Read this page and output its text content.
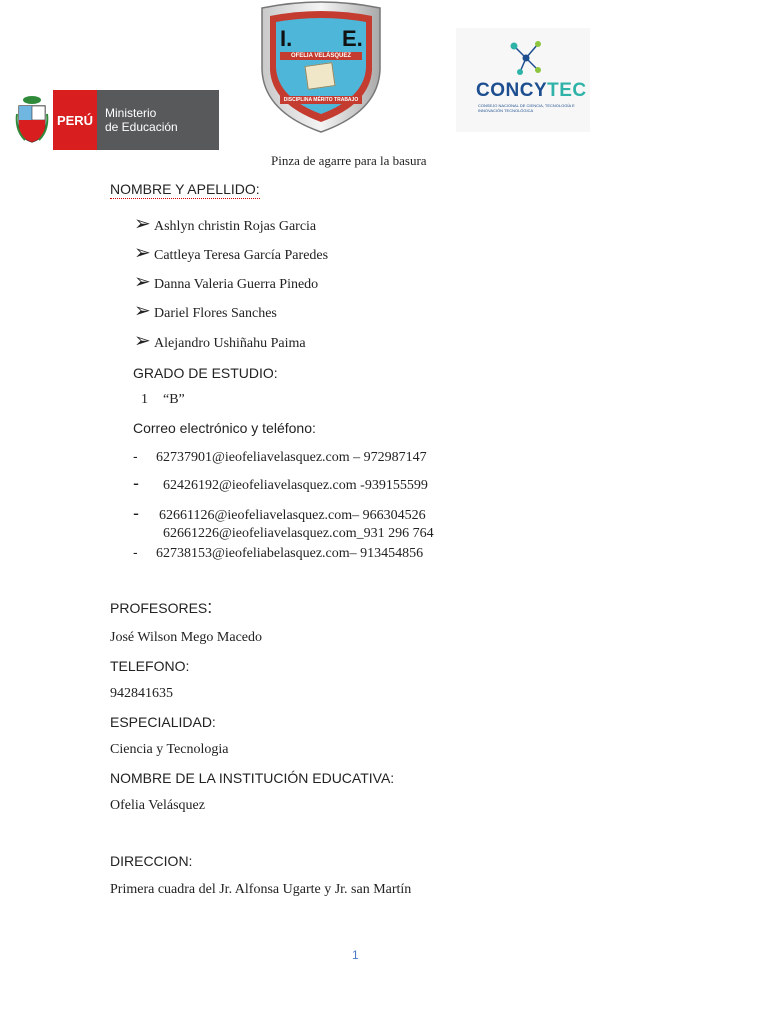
PERÚ Ministerio
de Educación
I. E.
OFELIA VELÁSQUEZ
DISCIPLINA MÉRITO TRABAJO	CONCYTEC
CONSEJO NACIONAL DE CIENCIA, TECNOLOGÍA E INNOVACIÓN TECNOLÓGICA
Pinza de agarre para la basura
NOMBRE Y APELLIDO:
➢ Ashlyn christin Rojas Garcia
➢ Cattleya Teresa García Paredes
➢ Danna Valeria Guerra Pinedo
➢ Dariel Flores Sanches
➢ Alejandro Ushiñahu Paima
GRADO DE ESTUDIO:
1 “B”
Correo electrónico y teléfono:
- 62737901@ieofeliavelasquez.com – 972987147
- 62426192@ieofeliavelasquez.com -939155599
- 62661126@ieofeliavelasquez.com– 966304526
62661226@ieofeliavelasquez.com_931 296 764
- 62738153@ieofeliabelasquez.com– 913454856
PROFESORES:
José Wilson Mego Macedo
TELEFONO:
942841635
ESPECIALIDAD:
Ciencia y Tecnologia
NOMBRE DE LA INSTITUCIÓN EDUCATIVA:
Ofelia Velásquez
DIRECCION:
Primera cuadra del Jr. Alfonsa Ugarte y Jr. san Martín
1
